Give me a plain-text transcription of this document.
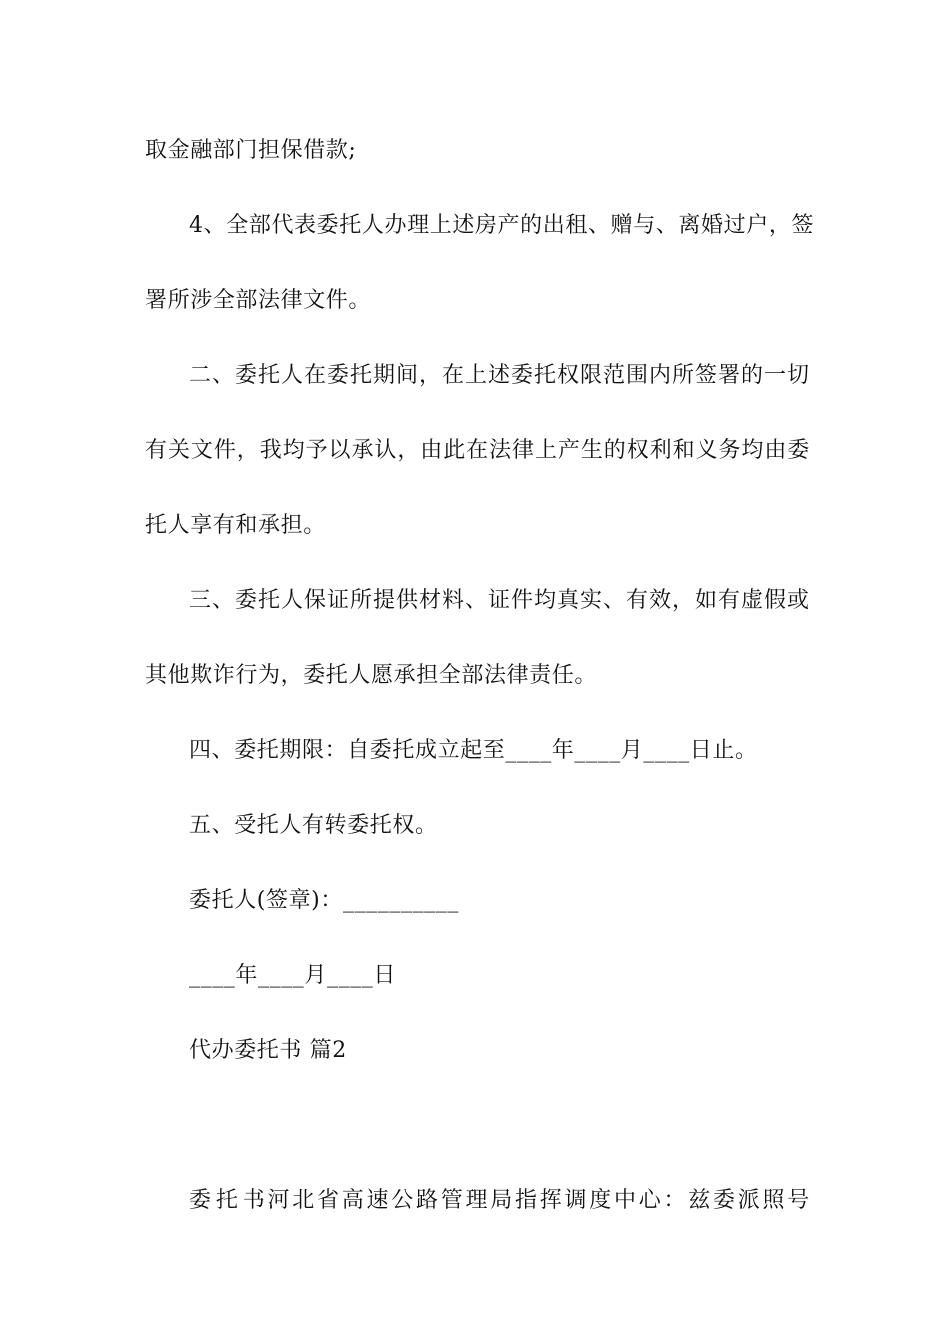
取金融部门担保借款;
4 、 全 部 代 表 委 托 人 办 理 上 述 房 产 的 出 租 、 赠 与 、 离 婚 过 户 ， 签
署所涉全部法律文件。
二 、 委 托 人 在 委 托 期 间 ， 在 上 述 委 托 权 限 范 围 内 所 签 署 的 一 切
有 关 文 件 ， 我 均 予 以 承 认 ， 由 此 在 法 律 上 产 生 的 权 利 和 义 务 均 由 委
托人享有和承担。
三 、 委 托 人 保 证 所 提 供 材 料 、 证 件 均 真 实 、 有 效 ， 如 有 虚 假 或
其他欺诈行为，委托人愿承担全部法律责任。
四、委托期限：自委托成立起至____年____月____日止。
五、受托人有转委托权。
委托人(签章)：__________
____年____月____日
代办委托书 篇2
委 托 书 河 北 省 高 速 公 路 管 理 局 指 挥 调 度 中 心 ： 兹 委 派 照 号
